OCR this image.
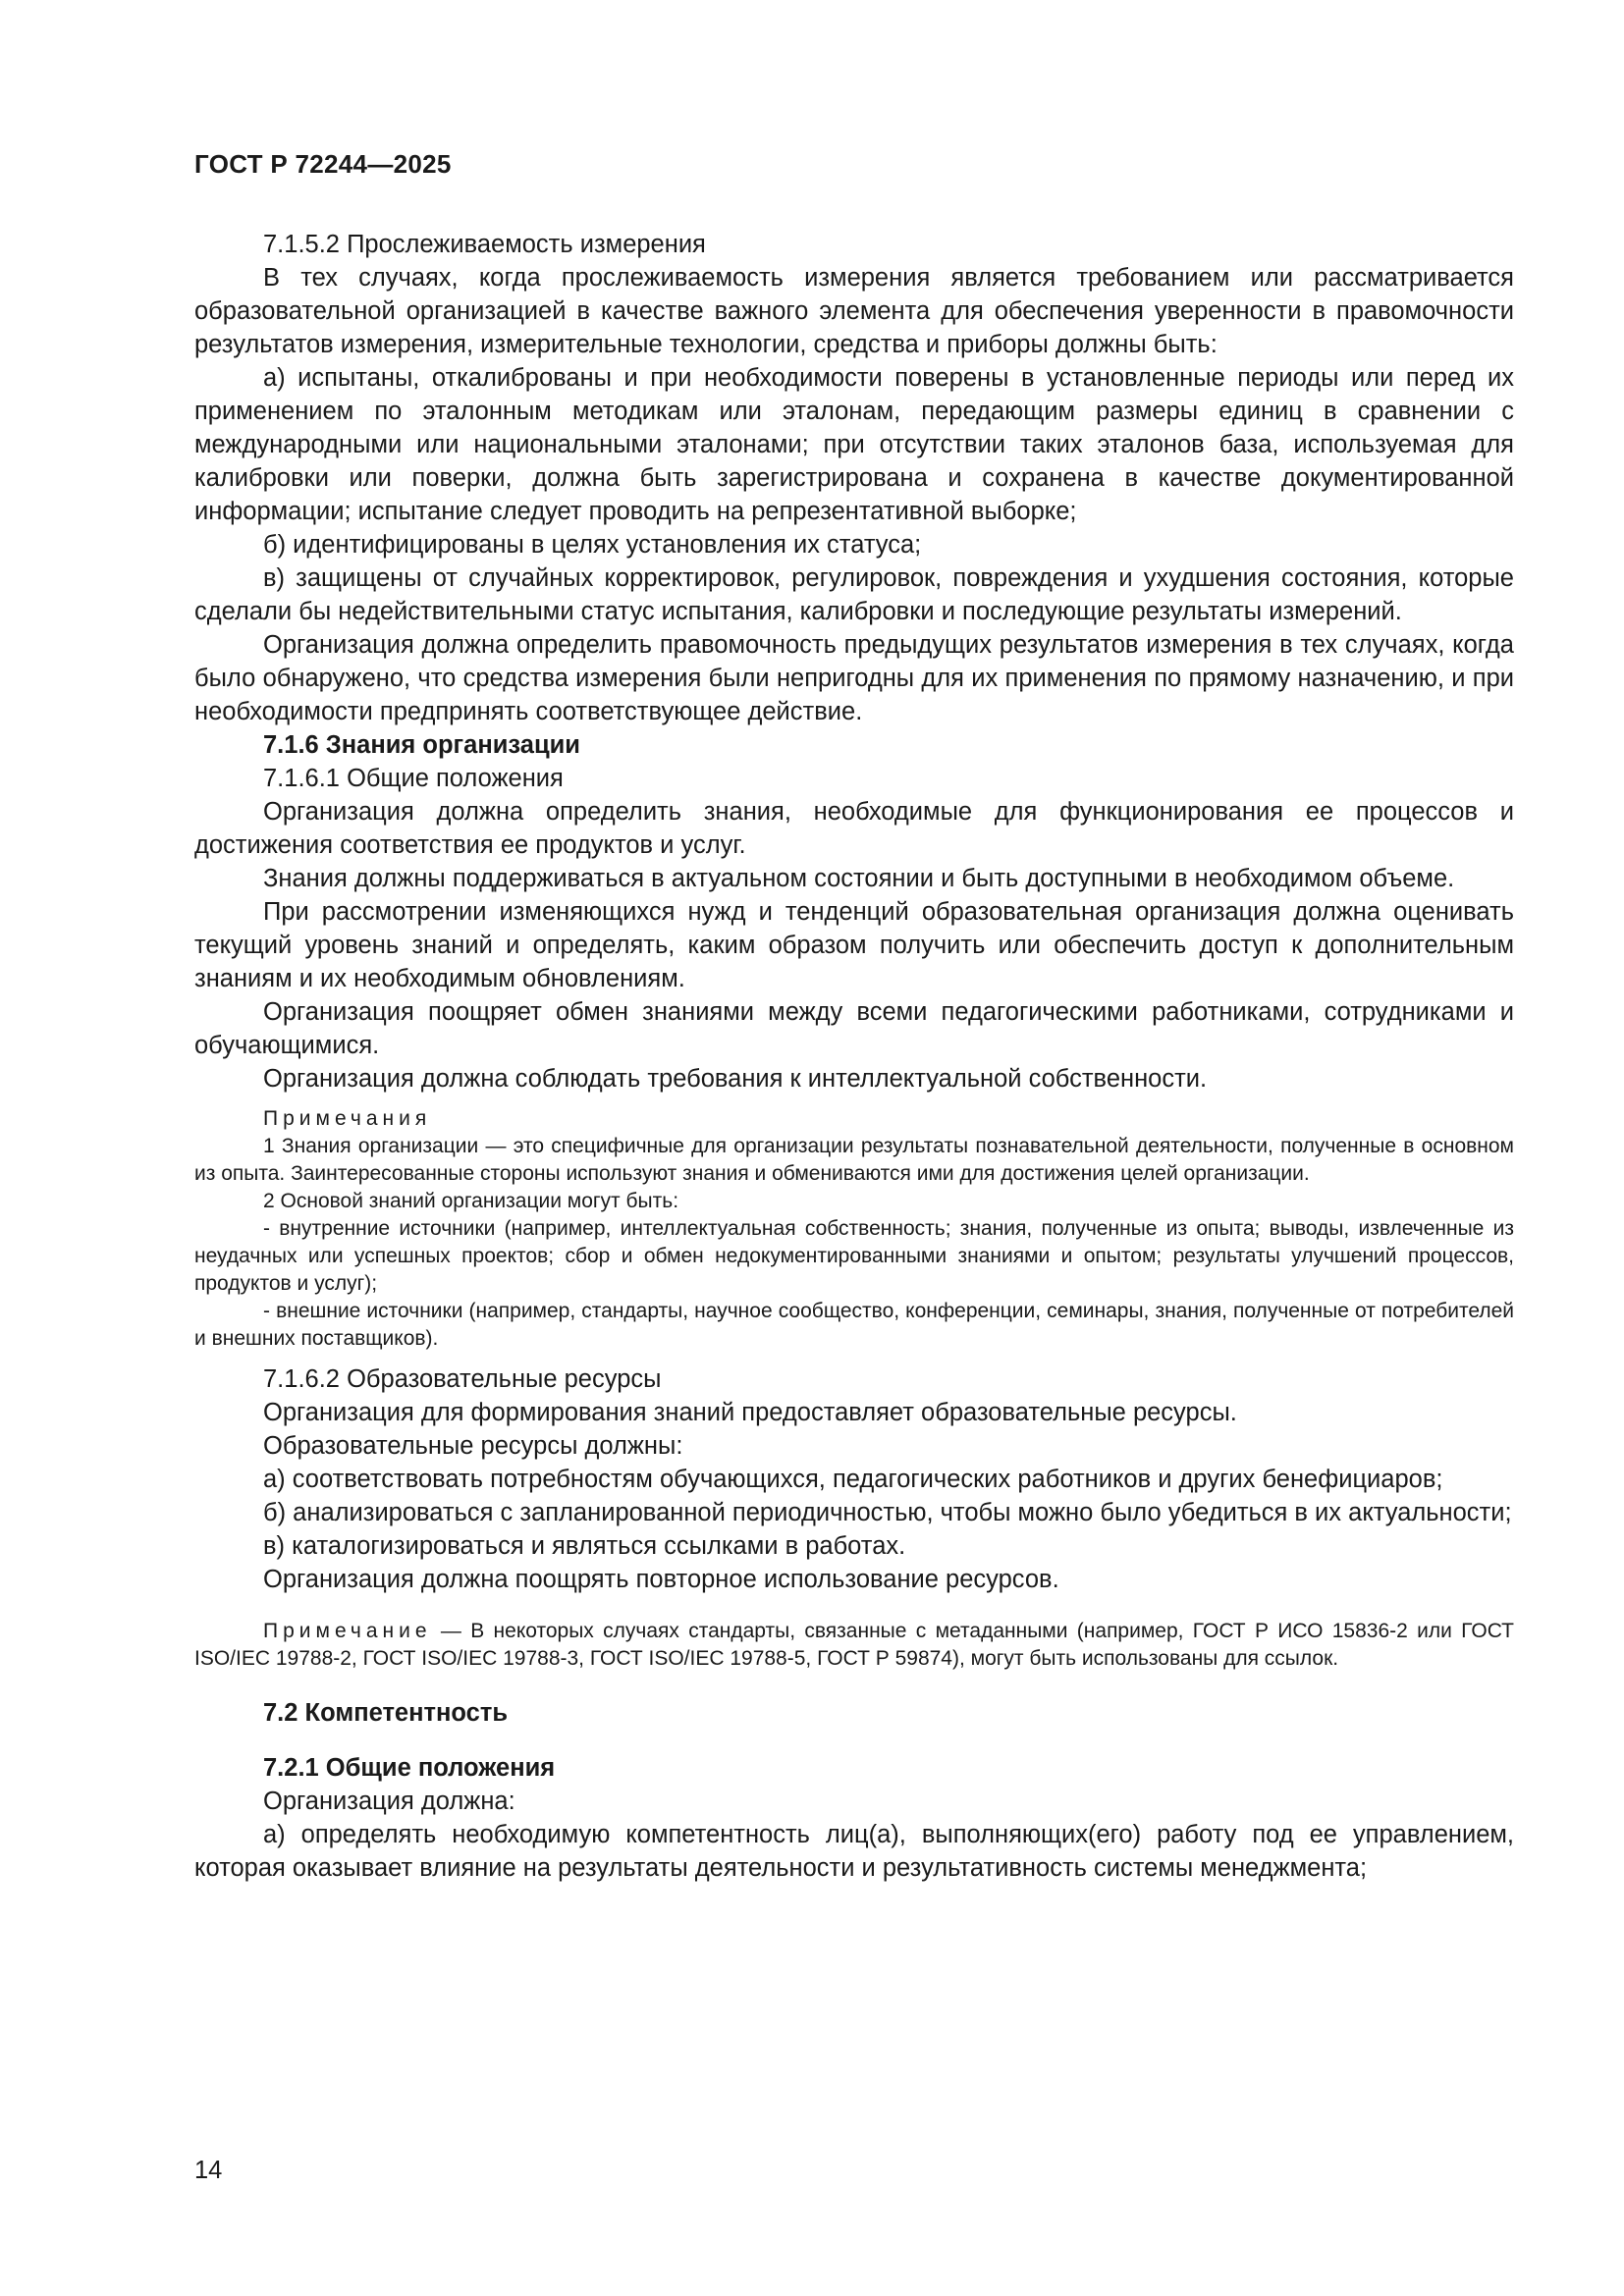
ГОСТ Р 72244—2025

7.1.5.2 Прослеживаемость измерения

В тех случаях, когда прослеживаемость измерения является требованием или рассматривается образовательной организацией в качестве важного элемента для обеспечения уверенности в правомочности результатов измерения, измерительные технологии, средства и приборы должны быть:

а) испытаны, откалиброваны и при необходимости поверены в установленные периоды или перед их применением по эталонным методикам или эталонам, передающим размеры единиц в сравнении с международными или национальными эталонами; при отсутствии таких эталонов база, используемая для калибровки или поверки, должна быть зарегистрирована и сохранена в качестве документированной информации; испытание следует проводить на репрезентативной выборке;

б) идентифицированы в целях установления их статуса;

в) защищены от случайных корректировок, регулировок, повреждения и ухудшения состояния, которые сделали бы недействительными статус испытания, калибровки и последующие результаты измерений.

Организация должна определить правомочность предыдущих результатов измерения в тех случаях, когда было обнаружено, что средства измерения были непригодны для их применения по прямому назначению, и при необходимости предпринять соответствующее действие.

7.1.6 Знания организации

7.1.6.1 Общие положения

Организация должна определить знания, необходимые для функционирования ее процессов и достижения соответствия ее продуктов и услуг.

Знания должны поддерживаться в актуальном состоянии и быть доступными в необходимом объеме.

При рассмотрении изменяющихся нужд и тенденций образовательная организация должна оценивать текущий уровень знаний и определять, каким образом получить или обеспечить доступ к дополнительным знаниям и их необходимым обновлениям.

Организация поощряет обмен знаниями между всеми педагогическими работниками, сотрудниками и обучающимися.

Организация должна соблюдать требования к интеллектуальной собственности.

Примечания

1 Знания организации — это специфичные для организации результаты познавательной деятельности, полученные в основном из опыта. Заинтересованные стороны используют знания и обмениваются ими для достижения целей организации.

2 Основой знаний организации могут быть:

- внутренние источники (например, интеллектуальная собственность; знания, полученные из опыта; выводы, извлеченные из неудачных или успешных проектов; сбор и обмен недокументированными знаниями и опытом; результаты улучшений процессов, продуктов и услуг);

- внешние источники (например, стандарты, научное сообщество, конференции, семинары, знания, полученные от потребителей и внешних поставщиков).

7.1.6.2 Образовательные ресурсы

Организация для формирования знаний предоставляет образовательные ресурсы.

Образовательные ресурсы должны:

а) соответствовать потребностям обучающихся, педагогических работников и других бенефициаров;

б) анализироваться с запланированной периодичностью, чтобы можно было убедиться в их актуальности;

в) каталогизироваться и являться ссылками в работах.

Организация должна поощрять повторное использование ресурсов.

Примечание — В некоторых случаях стандарты, связанные с метаданными (например, ГОСТ Р ИСО 15836-2 или ГОСТ ISO/IEC 19788-2, ГОСТ ISO/IEC 19788-3, ГОСТ ISO/IEC 19788-5, ГОСТ Р 59874), могут быть использованы для ссылок.

7.2 Компетентность

7.2.1 Общие положения

Организация должна:

а) определять необходимую компетентность лиц(а), выполняющих(его) работу под ее управлением, которая оказывает влияние на результаты деятельности и результативность системы менеджмента;

14
